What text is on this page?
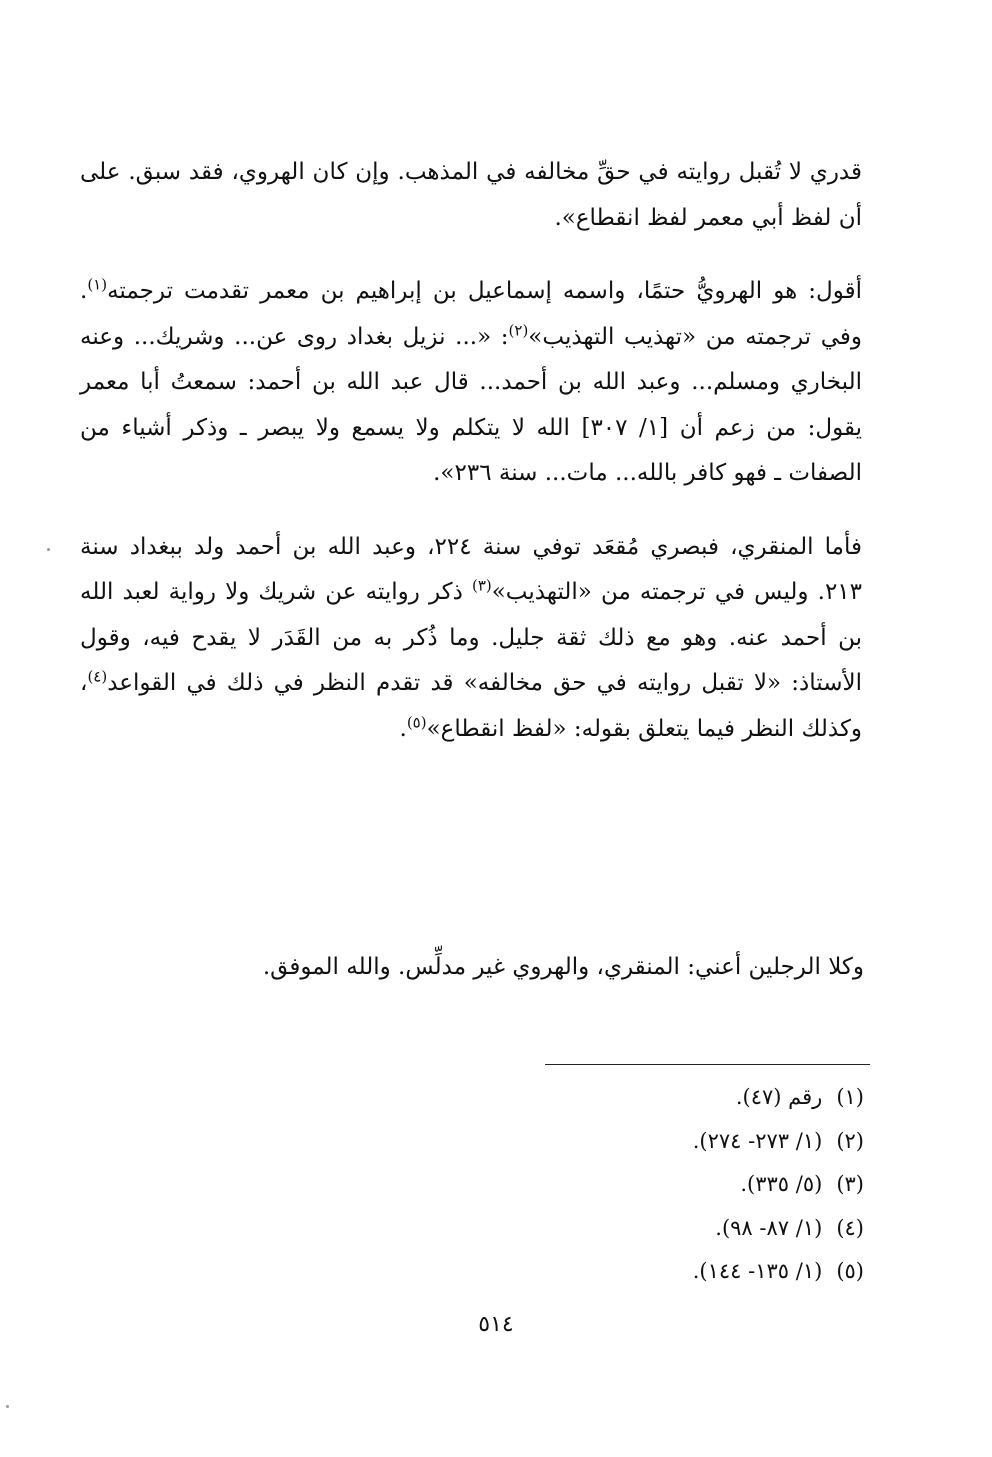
قدري لا تُقبل روايته في حقِّ مخالفه في المذهب. وإن كان الهروي، فقد سبق. على أن لفظ أبي معمر لفظ انقطاع».

أقول: هو الهرويُّ حتمًا، واسمه إسماعيل بن إبراهيم بن معمر تقدمت ترجمته$^{(١)}$. وفي ترجمته من «تهذيب التهذيب»$^{(٢)}$: «... نزيل بغداد روى عن... وشريك... وعنه البخاري ومسلم... وعبد الله بن أحمد... قال عبد الله بن أحمد: سمعتُ أبا معمر يقول: من زعم أن [١/ ٣٠٧] الله لا يتكلم ولا يسمع ولا يبصر ـ وذكر أشياء من الصفات ـ فهو كافر بالله... مات... سنة ٢٣٦».

فأما المنقري، فبصري مُقعَد توفي سنة ٢٢٤، وعبد الله بن أحمد ولد ببغداد سنة ٢١٣. وليس في ترجمته من «التهذيب»$^{(٣)}$ ذكر روايته عن شريك ولا رواية لعبد الله بن أحمد عنه. وهو مع ذلك ثقة جليل. وما ذُكر به من القَدَر لا يقدح فيه، وقول الأستاذ: «لا تقبل روايته في حق مخالفه» قد تقدم النظر في ذلك في القواعد$^{(٤)}$، وكذلك النظر فيما يتعلق بقوله: «لفظ انقطاع»$^{(٥)}$.

وكلا الرجلين أعني: المنقري، والهروي غير مدلِّس. والله الموفق.
(١)رقم (٤٧).
(٢)(١/ ٢٧٣- ٢٧٤).
(٣)(٥/ ٣٣٥).
(٤)(١/ ٨٧- ٩٨).
(٥)(١/ ١٣٥- ١٤٤).
٥١٤
